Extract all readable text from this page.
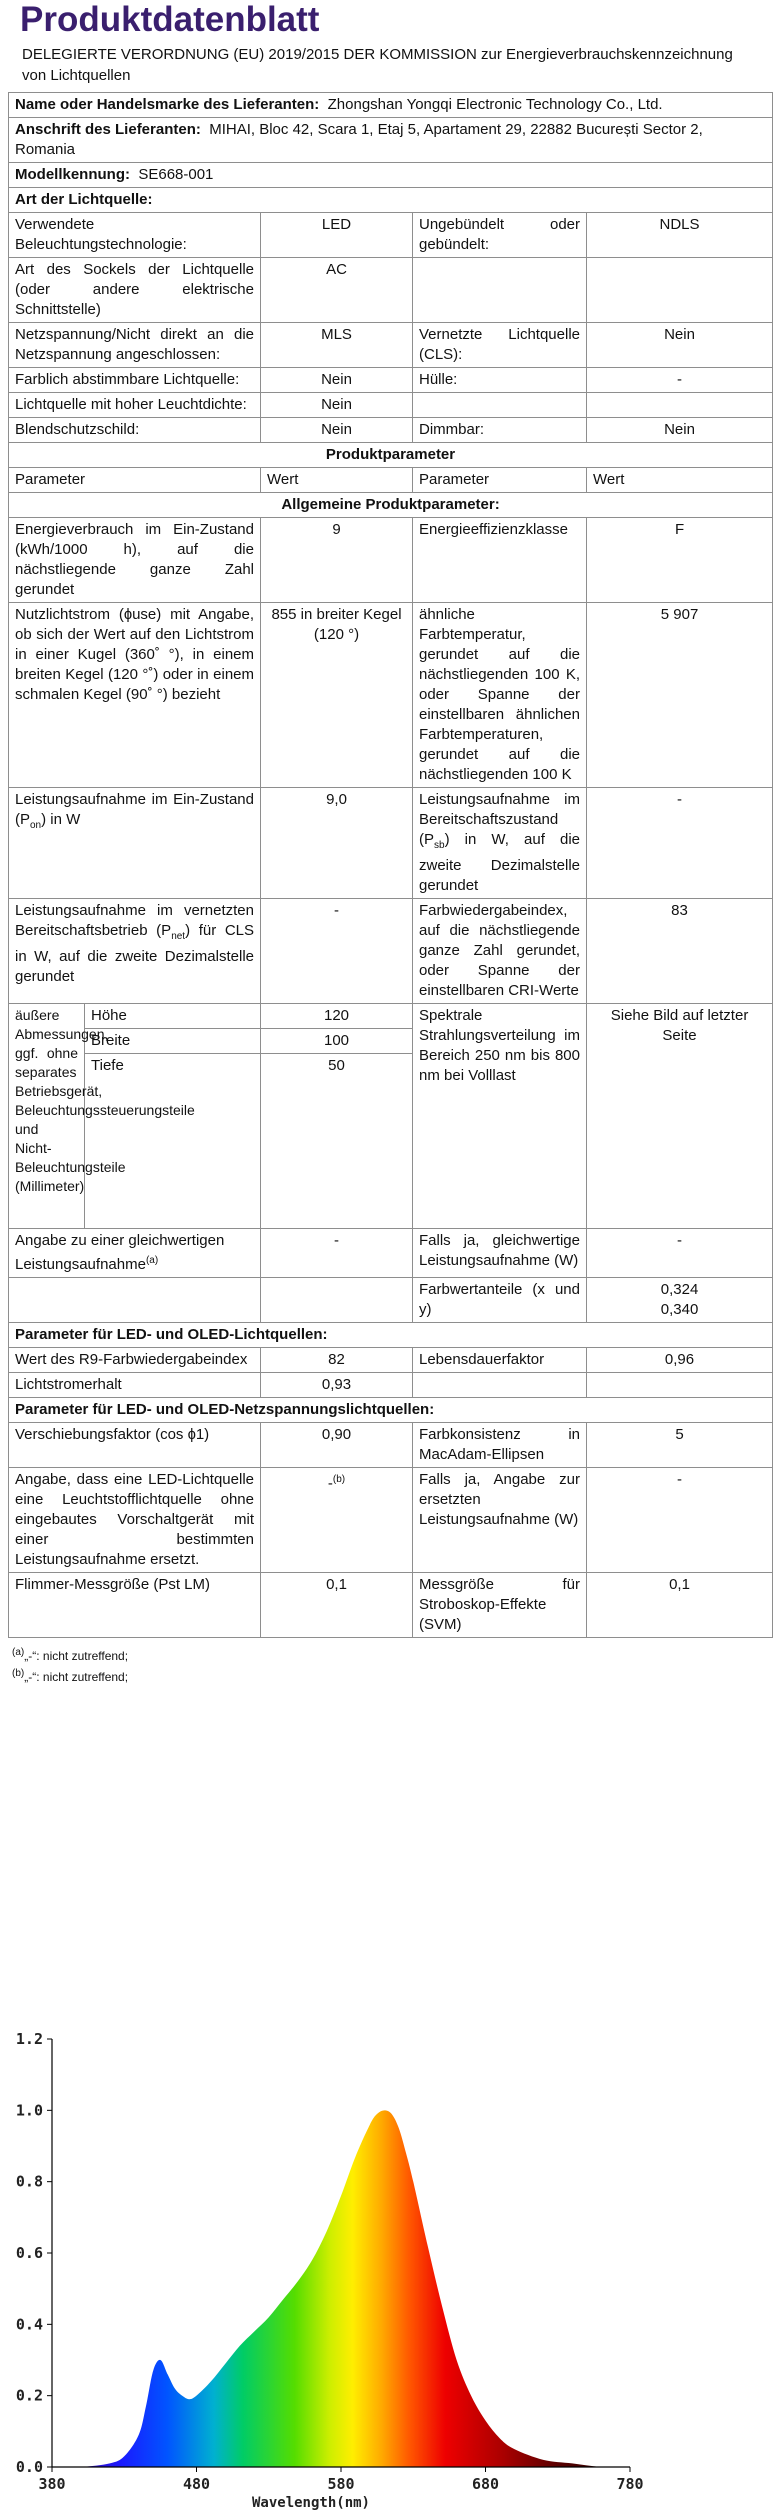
Produktdatenblatt
DELEGIERTE VERORDNUNG (EU) 2019/2015 DER KOMMISSION zur Energieverbrauchskennzeichnung von Lichtquellen
Name oder Handelsmarke des Lieferanten: Zhongshan Yongqi Electronic Technology Co., Ltd.				
Anschrift des Lieferanten: MIHAI, Bloc 42, Scara 1, Etaj 5, Apartament 29, 22882 București Sector 2, Romania				
Modellkennung: SE668-001				
Art der Lichtquelle:				
Verwendete Beleuchtungstechnologie:		LED	Ungebündelt oder gebündelt:	NDLS
Art des Sockels der Lichtquelle (oder andere elektrische Schnittstelle)		AC		
Netzspannung/Nicht direkt an die Netzspannung angeschlossen:		MLS	Vernetzte Lichtquelle (CLS):	Nein
Farblich abstimmbare Lichtquelle:		Nein	Hülle:	-
Lichtquelle mit hoher Leuchtdichte:		Nein		
Blendschutzschild:		Nein	Dimmbar:	Nein
Produktparameter				
Parameter		Wert	Parameter	Wert
Allgemeine Produktparameter:				
Energieverbrauch im Ein-Zustand (kWh/1000 h), auf die nächstliegende ganze Zahl gerundet		9	Energieeffizienzklasse	F
Nutzlichtstrom (ɸuse) mit Angabe, ob sich der Wert auf den Lichtstrom in einer Kugel (360˚ °), in einem breiten Kegel (120 °˚) oder in einem schmalen Kegel (90˚ °) bezieht		855 in breiter Kegel (120 °)	ähnliche Farbtemperatur, gerundet auf die nächstliegenden 100 K, oder Spanne der einstellbaren ähnlichen Farbtemperaturen, gerundet auf die nächstliegenden 100 K	5 907
Leistungsaufnahme im Ein-Zustand $(P_{on})$ in W		9,0	Leistungsaufnahme im Bereitschaftszustand $(P_{sb})$ in W, auf die zweite Dezimalstelle gerundet	-
Leistungsaufnahme im vernetzten Bereitschaftsbetrieb $(P_{net})$ für CLS in W, auf die zweite Dezimalstelle gerundet		-	Farbwiedergabeindex, auf die nächstliegende ganze Zahl gerundet, oder Spanne der einstellbaren CRI-Werte	83
äußere Abmessungen, ggf. ohne separates Betriebsgerät, Beleuchtungssteuerungsteile und Nicht-Beleuchtungsteile (Millimeter)	Höhe	120	Spektrale Strahlungsverteilung im Bereich 250 nm bis 800 nm bei Volllast	Siehe Bild auf letzter Seite
	Breite	100		
	Tiefe	50		
Angabe zu einer gleichwertigen Leistungsaufnahme$^{(a)}$		-	Falls ja, gleichwertige Leistungsaufnahme (W)	-
			Farbwertanteile (x und y)	0,324
0,340
Parameter für LED- und OLED-Lichtquellen:				
Wert des R9-Farbwiedergabeindex		82	Lebensdauerfaktor	0,96
Lichtstromerhalt		0,93		
Parameter für LED- und OLED-Netzspannungslichtquellen:				
Verschiebungsfaktor (cos ɸ1)		0,90	Farbkonsistenz in MacAdam-Ellipsen	5
Angabe, dass eine LED-Lichtquelle eine Leuchtstofflichtquelle ohne eingebautes Vorschaltgerät mit einer bestimmten Leistungsaufnahme ersetzt.		-$^{(b)}$	Falls ja, Angabe zur ersetzten Leistungsaufnahme (W)	-
Flimmer-Messgröße (Pst LM)		0,1	Messgröße für Stroboskop-Effekte (SVM)	0,1
$^{(a)}$„-“: nicht zutreffend;
$^{(b)}$„-“: nicht zutreffend;
0.0
0.2
0.4
0.6
0.8
1.0
1.2
380	480	580	680	780
Wavelength(nm)
